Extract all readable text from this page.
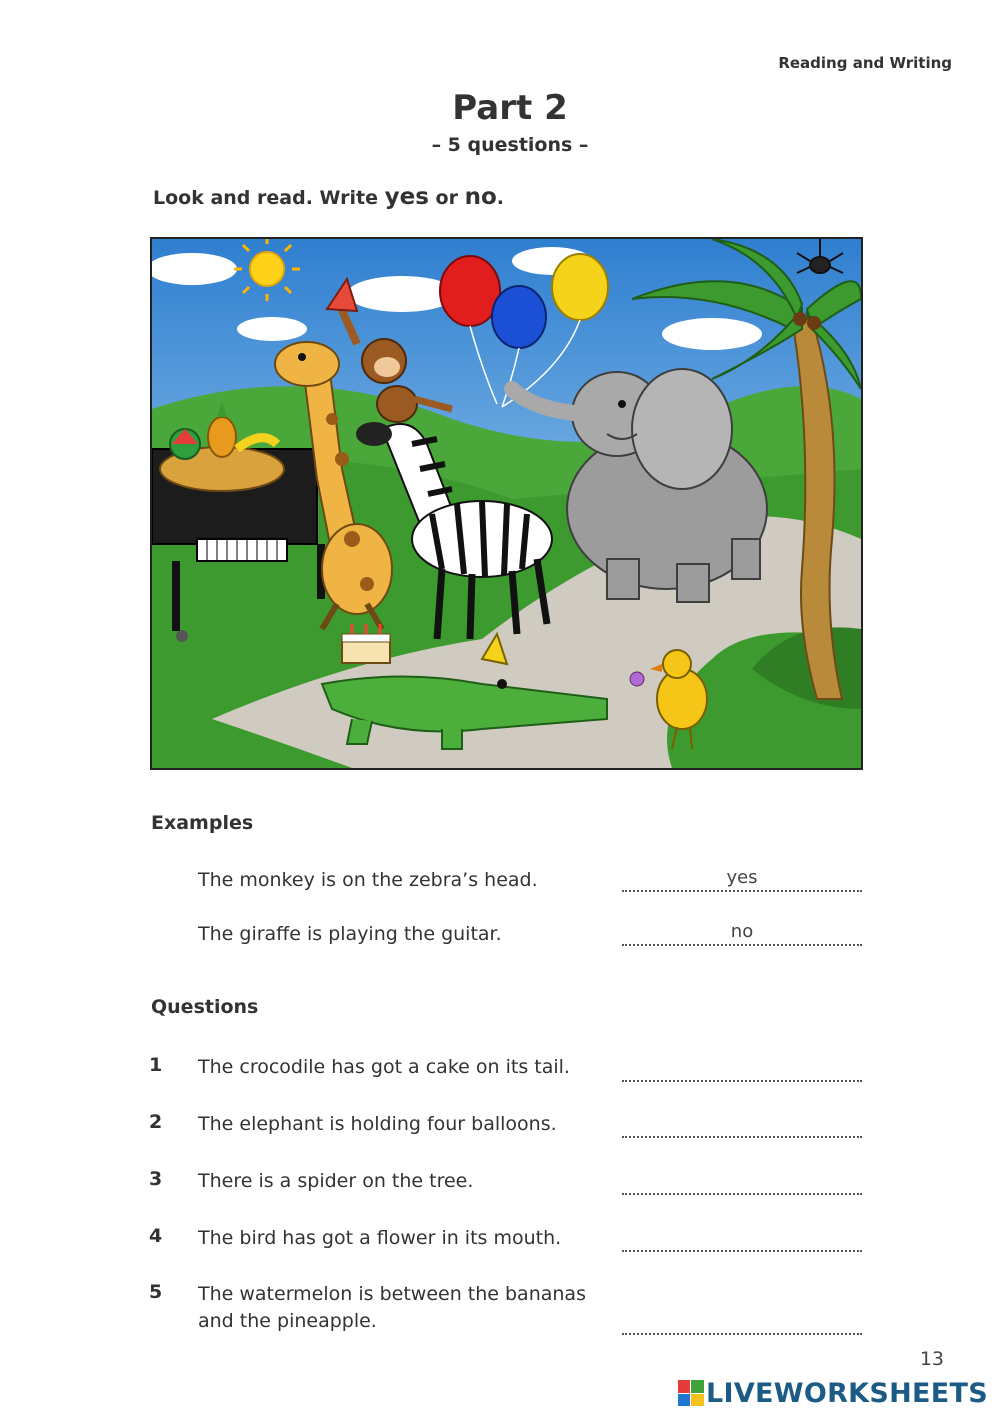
Reading and Writing
Part 2
– 5 questions –
Look and read. Write yes or no.
Examples
The monkey is on the zebra’s head.	yes
The giraffe is playing the guitar.	no
Questions
1 The crocodile has got a cake on its tail.
2 The elephant is holding four balloons.
3 There is a spider on the tree.
4 The bird has got a flower in its mouth.
5 The watermelon is between the bananas
and the pineapple.
13
LIVEWORKSHEETS
